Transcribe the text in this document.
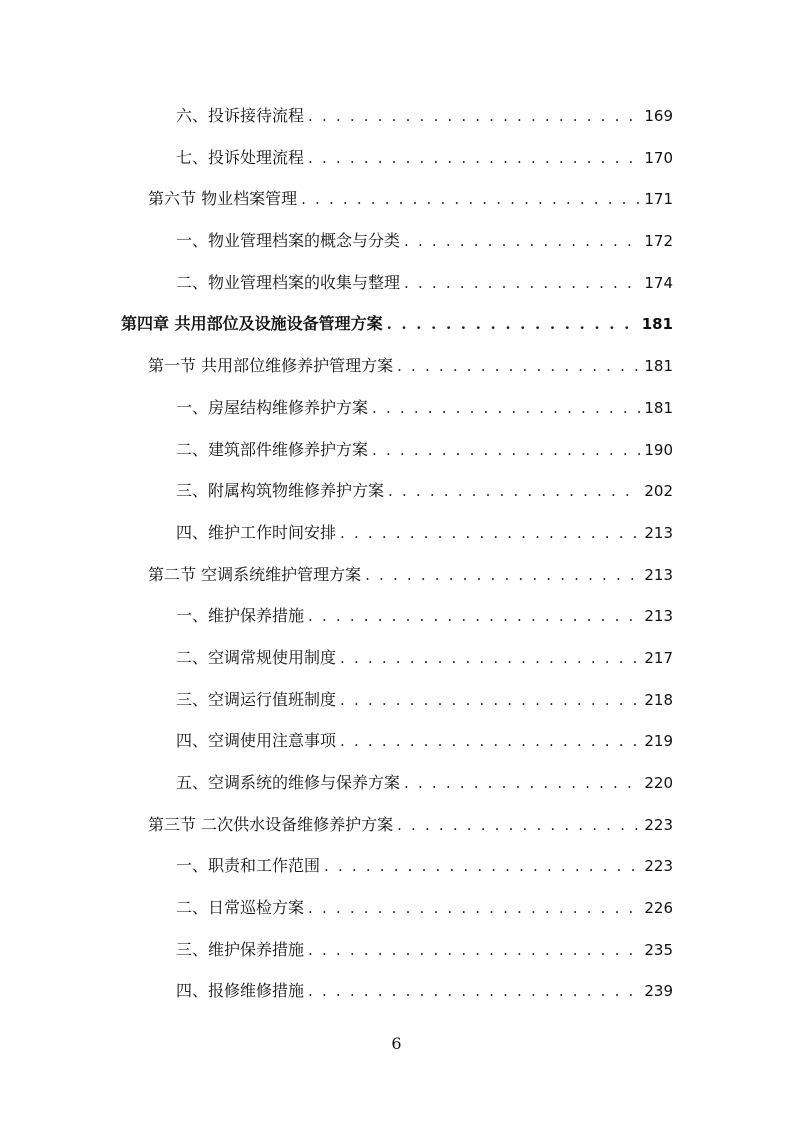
六、投诉接待流程 . . .	169
七、投诉处理流程 . . .	170
第六节 物业档案管理 . . .	171
一、物业管理档案的概念与分类 . . .	172
二、物业管理档案的收集与整理 . . .	174
第四章 共用部位及设施设备管理方案 . . .	181
第一节 共用部位维修养护管理方案 . . .	181
一、房屋结构维修养护方案 . . .	181
二、建筑部件维修养护方案 . . .	190
三、附属构筑物维修养护方案 . . .	202
四、维护工作时间安排 . . .	213
第二节 空调系统维护管理方案 . . .	213
一、维护保养措施 . . .	213
二、空调常规使用制度 . . .	217
三、空调运行值班制度 . . .	218
四、空调使用注意事项 . . .	219
五、空调系统的维修与保养方案 . . .	220
第三节 二次供水设备维修养护方案 . . .	223
一、职责和工作范围 . . .	223
二、日常巡检方案 . . .	226
三、维护保养措施 . . .	235
四、报修维修措施 . . .	239
6
